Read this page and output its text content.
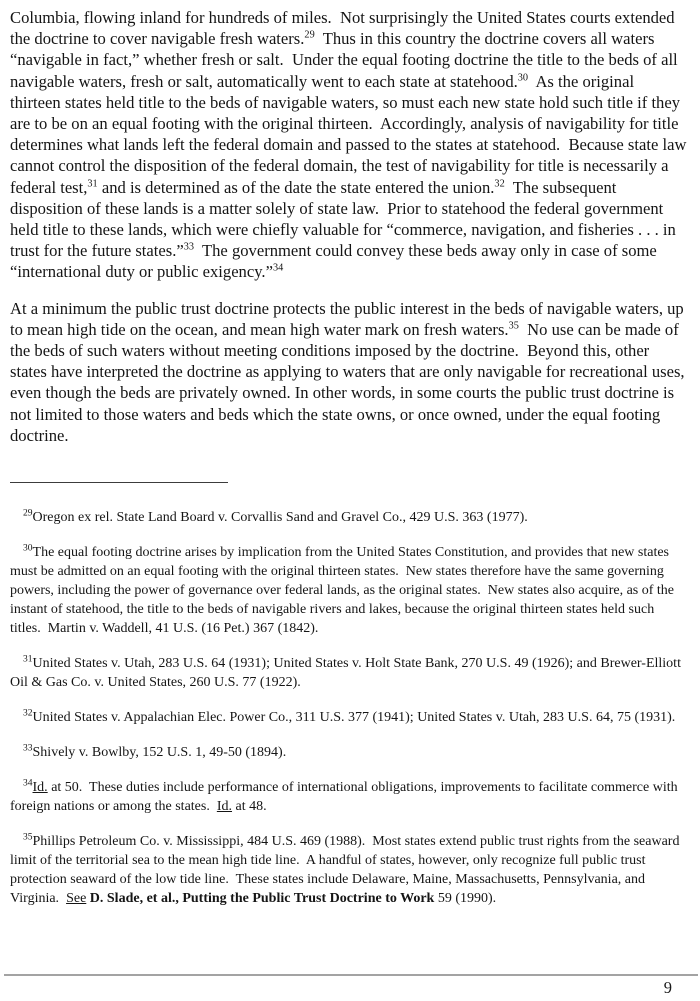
Columbia, flowing inland for hundreds of miles.  Not surprisingly the United States courts extended the doctrine to cover navigable fresh waters.$^{29}$  Thus in this country the doctrine covers all waters “navigable in fact,” whether fresh or salt.  Under the equal footing doctrine the title to the beds of all navigable waters, fresh or salt, automatically went to each state at statehood.$^{30}$  As the original thirteen states held title to the beds of navigable waters, so must each new state hold such title if they are to be on an equal footing with the original thirteen.  Accordingly, analysis of navigability for title determines what lands left the federal domain and passed to the states at statehood.  Because state law cannot control the disposition of the federal domain, the test of navigability for title is necessarily a federal test,$^{31}$ and is determined as of the date the state entered the union.$^{32}$  The subsequent disposition of these lands is a matter solely of state law.  Prior to statehood the federal government held title to these lands, which were chiefly valuable for “commerce, navigation, and fisheries . . . in trust for the future states.”$^{33}$  The government could convey these beds away only in case of some “international duty or public exigency.”$^{34}$

At a minimum the public trust doctrine protects the public interest in the beds of navigable waters, up to mean high tide on the ocean, and mean high water mark on fresh waters.$^{35}$  No use can be made of the beds of such waters without meeting conditions imposed by the doctrine.  Beyond this, other states have interpreted the doctrine as applying to waters that are only navigable for recreational uses, even though the beds are privately owned. In other words, in some courts the public trust doctrine is not limited to those waters and beds which the state owns, or once owned, under the equal footing doctrine.

$^{29}$Oregon ex rel. State Land Board v. Corvallis Sand and Gravel Co., 429 U.S. 363 (1977).
$^{30}$The equal footing doctrine arises by implication from the United States Constitution, and provides that new states must be admitted on an equal footing with the original thirteen states.  New states therefore have the same governing powers, including the power of governance over federal lands, as the original states.  New states also acquire, as of the instant of statehood, the title to the beds of navigable rivers and lakes, because the original thirteen states held such titles.  Martin v. Waddell, 41 U.S. (16 Pet.) 367 (1842).
$^{31}$United States v. Utah, 283 U.S. 64 (1931); United States v. Holt State Bank, 270 U.S. 49 (1926); and Brewer-Elliott Oil & Gas Co. v. United States, 260 U.S. 77 (1922).
$^{32}$United States v. Appalachian Elec. Power Co., 311 U.S. 377 (1941); United States v. Utah, 283 U.S. 64, 75 (1931).
$^{33}$Shively v. Bowlby, 152 U.S. 1, 49-50 (1894).
$^{34}$Id. at 50.  These duties include performance of international obligations, improvements to facilitate commerce with foreign nations or among the states.  Id. at 48.
$^{35}$Phillips Petroleum Co. v. Mississippi, 484 U.S. 469 (1988).  Most states extend public trust rights from the seaward limit of the territorial sea to the mean high tide line.  A handful of states, however, only recognize full public trust protection seaward of the low tide line.  These states include Delaware, Maine, Massachusetts, Pennsylvania, and Virginia.  See D. Slade, et al., Putting the Public Trust Doctrine to Work 59 (1990).
9
